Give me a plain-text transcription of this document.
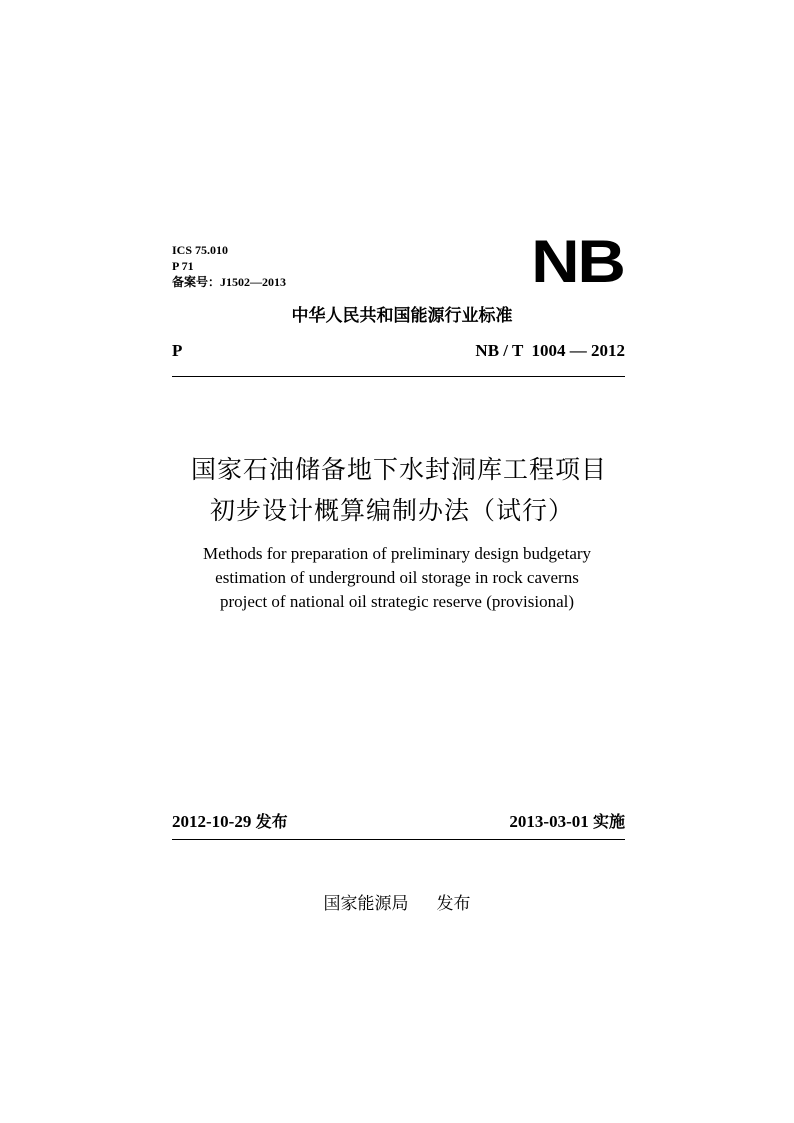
ICS 75.010
P 71
备案号：J1502—2013	NB
中华人民共和国能源行业标准
P	NB / T  1004 — 2012
国家石油储备地下水封洞库工程项目
初步设计概算编制办法（试行）
Methods for preparation of preliminary design budgetary
estimation of underground oil storage in rock caverns
project of national oil strategic reserve (provisional)
2012-10-29 发布	2013-03-01 实施
国家能源局 发布
